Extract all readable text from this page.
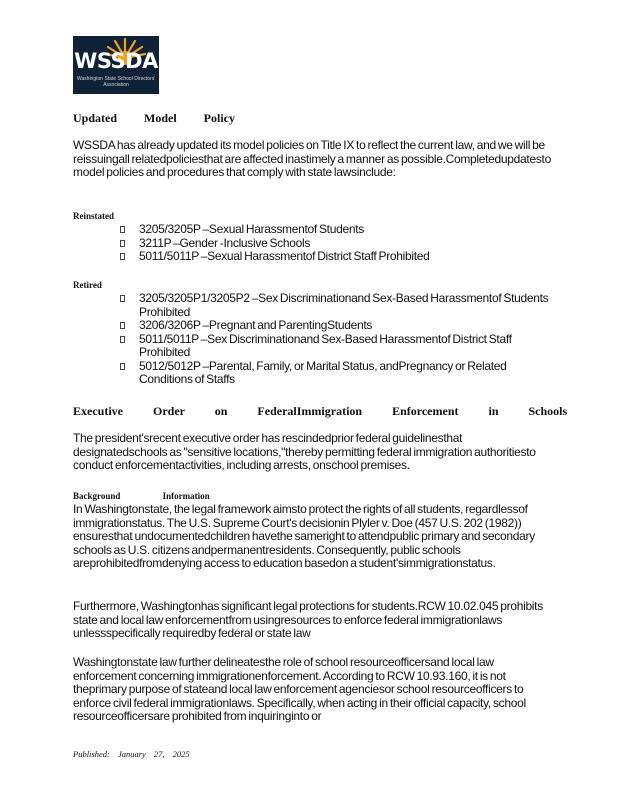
WSSDA
Washington State School Directors' Association
Updated Model Policy
WSSDA has already updated its model policies on Title IX to reflect the current law, and we will be reissuingall relatedpoliciesthat are affected inastimely a manner as possible.Completedupdatesto model policies and procedures that comply with state lawsinclude:
Reinstated
3205/3205P –Sexual Harassmentof Students
3211P –Gender -Inclusive Schools
5011/5011P –Sexual Harassmentof District Staff Prohibited
Retired
3205/3205P1/3205P2 –Sex Discriminationand Sex-Based Harassmentof Students Prohibited
3206/3206P –Pregnant and ParentingStudents
5011/5011P –Sex Discriminationand Sex-Based Harassmentof District Staff Prohibited
5012/5012P –Parental, Family, or Marital Status, andPregnancy or Related Conditions of Staffs
Executive Order on FederalImmigration Enforcement in Schools
The president'srecent executive order has rescindedprior federal guidelinesthat designatedschools as "sensitive locations,"thereby permitting federal immigration authoritiesto conduct enforcementactivities, including arrests, onschool premises.
Background Information
In Washingtonstate, the legal framework aimsto protect the rights of all students, regardlessof immigrationstatus. The U.S. Supreme Court's decisionin Plyler v. Doe (457 U.S. 202 (1982)) ensuresthat undocumentedchildren havethe sameright to attendpublic primary and secondary schools as U.S. citizens andpermanentresidents. Consequently, public schools areprohibitedfromdenying access to education basedon a student'simmigrationstatus.
Furthermore, Washingtonhas significant legal protections for students.RCW 10.02.045 prohibits state and local law enforcementfrom usingresources to enforce federal immigrationlaws unlessspecifically requiredby federal or state law
Washingtonstate law further delineatesthe role of school resourceofficersand local law enforcement concerning immigrationenforcement. According to RCW 10.93.160, it is not theprimary purpose of stateand local law enforcement agenciesor school resourceofficers to enforce civil federal immigrationlaws. Specifically, when acting in their official capacity, school resourceofficersare prohibited from inquiringinto or
Published: January 27, 2025
